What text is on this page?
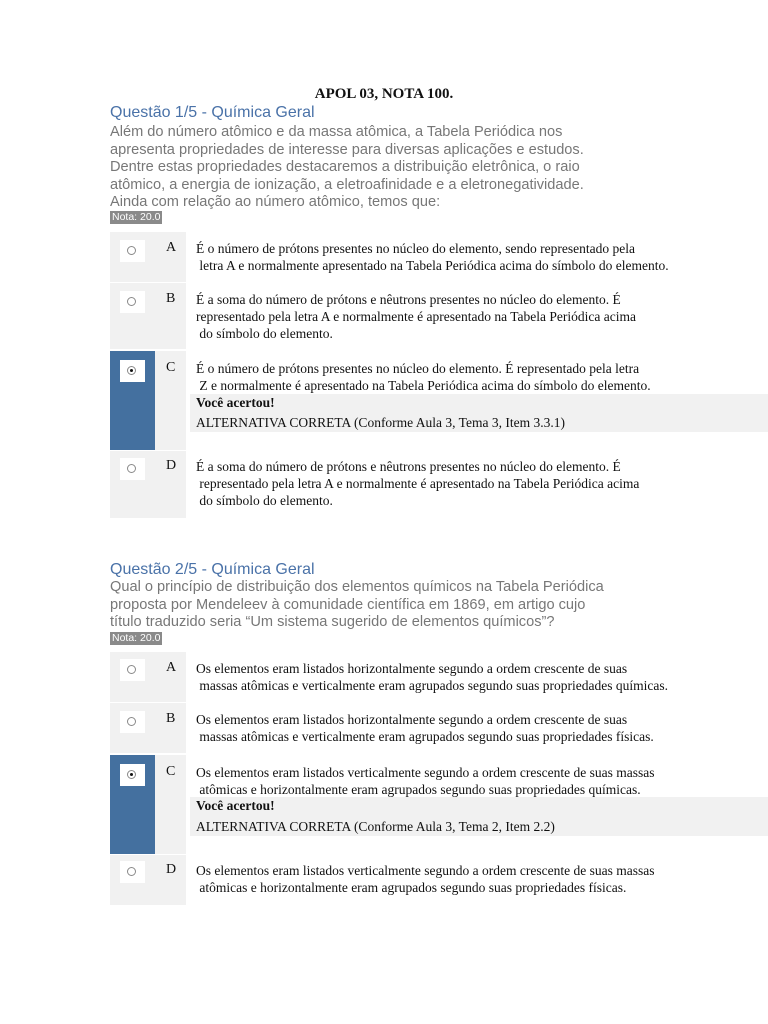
APOL 03, NOTA 100.
Questão 1/5 - Química Geral
Além do número atômico e da massa atômica, a Tabela Periódica nos
apresenta propriedades de interesse para diversas aplicações e estudos.
Dentre estas propriedades destacaremos a distribuição eletrônica, o raio
atômico, a energia de ionização, a eletroafinidade e a eletronegatividade.
Ainda com relação ao número atômico, temos que:
Nota: 20.0
A É o número de prótons presentes no núcleo do elemento, sendo representado pela
letra A e normalmente apresentado na Tabela Periódica acima do símbolo do elemento.
B É a soma do número de prótons e nêutrons presentes no núcleo do elemento. É
representado pela letra A e normalmente é apresentado na Tabela Periódica acima
do símbolo do elemento.
C É o número de prótons presentes no núcleo do elemento. É representado pela letra
Z e normalmente é apresentado na Tabela Periódica acima do símbolo do elemento.
Você acertou!
ALTERNATIVA CORRETA (Conforme Aula 3, Tema 3, Item 3.3.1)
D É a soma do número de prótons e nêutrons presentes no núcleo do elemento. É
representado pela letra A e normalmente é apresentado na Tabela Periódica acima
do símbolo do elemento.
Questão 2/5 - Química Geral
Qual o princípio de distribuição dos elementos químicos na Tabela Periódica
proposta por Mendeleev à comunidade científica em 1869, em artigo cujo
título traduzido seria “Um sistema sugerido de elementos químicos”?
Nota: 20.0
A Os elementos eram listados horizontalmente segundo a ordem crescente de suas
massas atômicas e verticalmente eram agrupados segundo suas propriedades químicas.
B Os elementos eram listados horizontalmente segundo a ordem crescente de suas
massas atômicas e verticalmente eram agrupados segundo suas propriedades físicas.
C Os elementos eram listados verticalmente segundo a ordem crescente de suas massas
atômicas e horizontalmente eram agrupados segundo suas propriedades químicas.
Você acertou!
ALTERNATIVA CORRETA (Conforme Aula 3, Tema 2, Item 2.2)
D Os elementos eram listados verticalmente segundo a ordem crescente de suas massas
atômicas e horizontalmente eram agrupados segundo suas propriedades físicas.
